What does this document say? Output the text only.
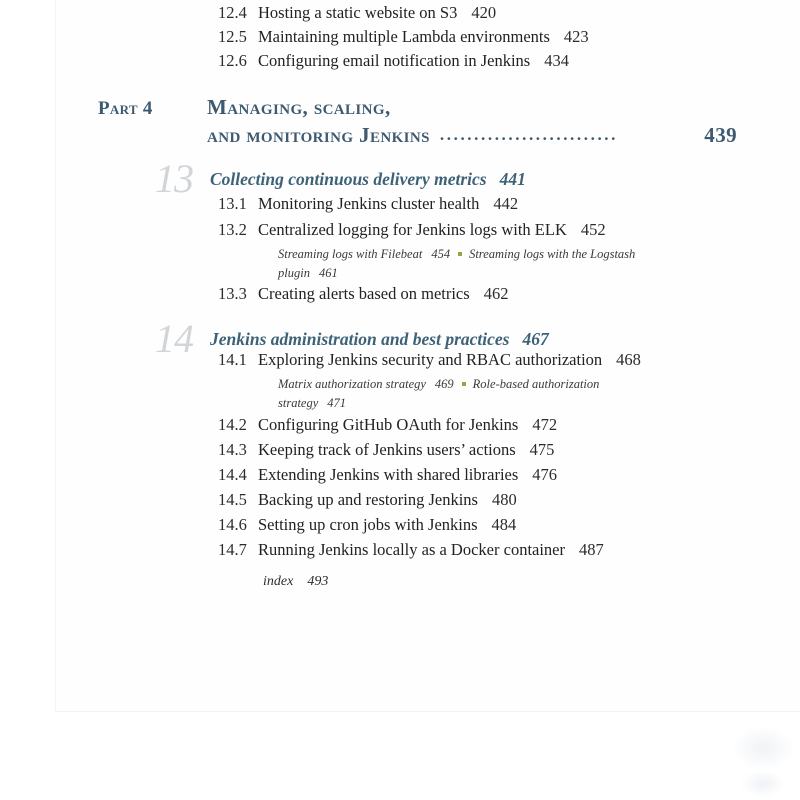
12.4 Hosting a static website on S3 420
12.5 Maintaining multiple Lambda environments 423
12.6 Configuring email notification in Jenkins 434
Part 4	Managing, scaling,
and monitoring Jenkins ..........................	439
13 Collecting continuous delivery metrics 441
13.1 Monitoring Jenkins cluster health 442
13.2 Centralized logging for Jenkins logs with ELK 452
Streaming logs with Filebeat 454 Streaming logs with the Logstash plugin 461
13.3 Creating alerts based on metrics 462
14 Jenkins administration and best practices 467
14.1 Exploring Jenkins security and RBAC authorization 468
Matrix authorization strategy 469 Role-based authorization strategy 471
14.2 Configuring GitHub OAuth for Jenkins 472
14.3 Keeping track of Jenkins users’ actions 475
14.4 Extending Jenkins with shared libraries 476
14.5 Backing up and restoring Jenkins 480
14.6 Setting up cron jobs with Jenkins 484
14.7 Running Jenkins locally as a Docker container 487
index 493
